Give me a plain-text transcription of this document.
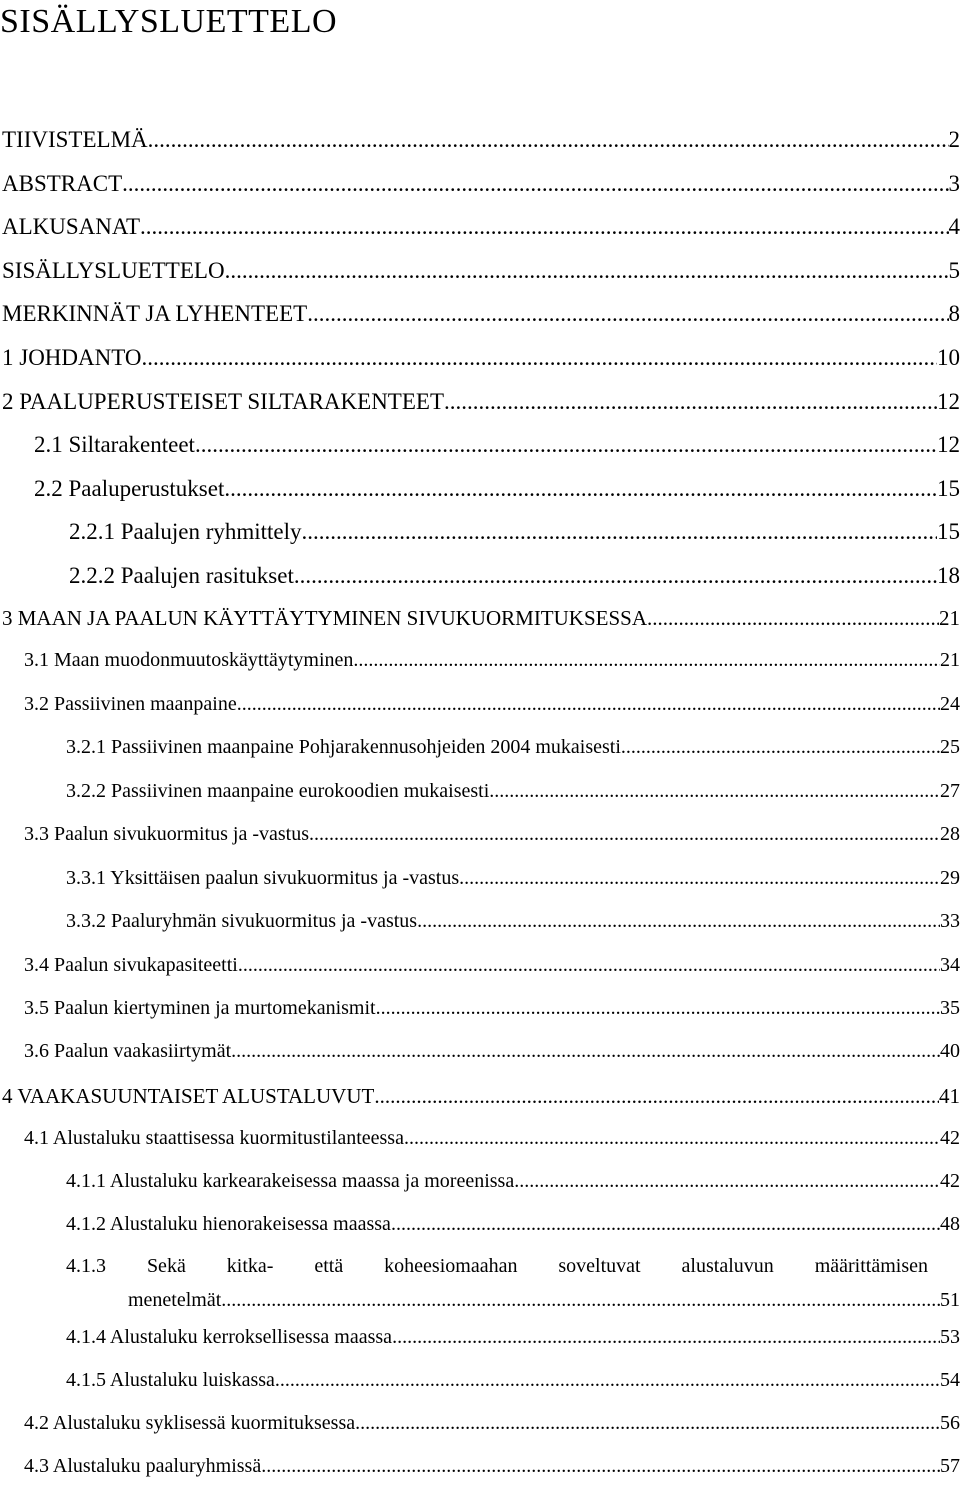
SISÄLLYSLUETTELO
TIIVISTELMÄ .....	2
ABSTRACT .....	3
ALKUSANAT .....	4
SISÄLLYSLUETTELO .....	5
MERKINNÄT JA LYHENTEET .....	8
1 JOHDANTO .....	10
2 PAALUPERUSTEISET SILTARAKENTEET .....	12
2.1 Siltarakenteet .....	12
2.2 Paaluperustukset .....	15
2.2.1 Paalujen ryhmittely .....	15
2.2.2 Paalujen rasitukset .....	18
3 MAAN JA PAALUN KÄYTTÄYTYMINEN SIVUKUORMITUKSESSA .....	21
3.1 Maan muodonmuutoskäyttäytyminen .....	21
3.2 Passiivinen maanpaine .....	24
3.2.1 Passiivinen maanpaine Pohjarakennusohjeiden 2004 mukaisesti .....	25
3.2.2 Passiivinen maanpaine eurokoodien mukaisesti .....	27
3.3 Paalun sivukuormitus ja -vastus .....	28
3.3.1 Yksittäisen paalun sivukuormitus ja -vastus .....	29
3.3.2 Paaluryhmän sivukuormitus ja -vastus .....	33
3.4 Paalun sivukapasiteetti .....	34
3.5 Paalun kiertyminen ja murtomekanismit .....	35
3.6 Paalun vaakasiirtymät .....	40
4 VAAKASUUNTAISET ALUSTALUVUT .....	41
4.1 Alustaluku staattisessa kuormitustilanteessa .....	42
4.1.1 Alustaluku karkearakeisessa maassa ja moreenissa .....	42
4.1.2 Alustaluku hienorakeisessa maassa .....	48
4.1.3 Sekä kitka- että koheesiomaahan soveltuvat alustaluvun määrittämisen
menetelmät .....	51
4.1.4 Alustaluku kerroksellisessa maassa .....	53
4.1.5 Alustaluku luiskassa .....	54
4.2 Alustaluku syklisessä kuormituksessa .....	56
4.3 Alustaluku paaluryhmissä .....	57
